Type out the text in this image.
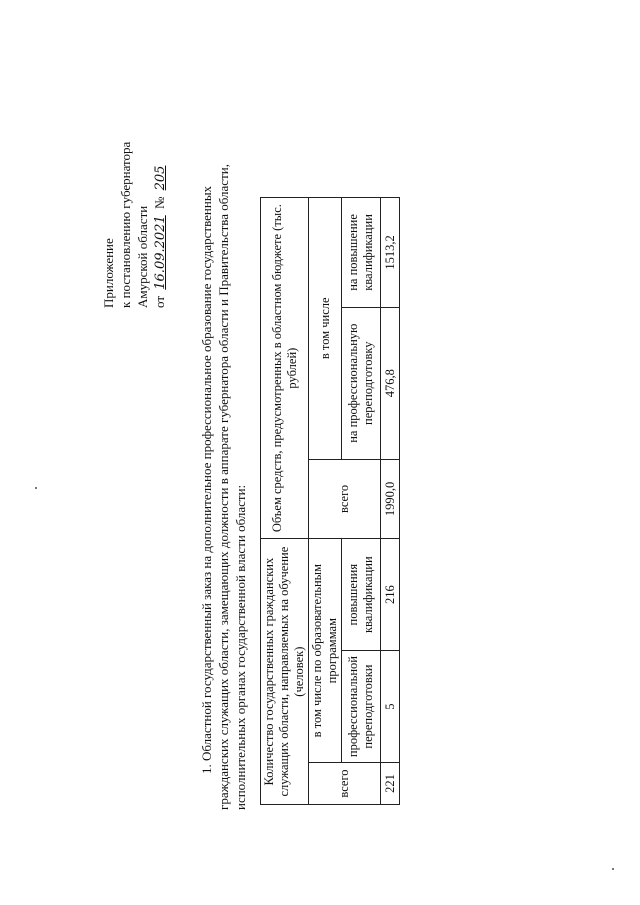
Приложение к постановлению губернатора Амурской области от 16.09.2021 № 205
1. Областной государственный заказ на дополнительное профессиональное образование государственных гражданских служащих области, замещающих должности в аппарате губернатора области и Правительства области, исполнительных органах государственной власти области: Количество государственных гражданских служащих области, направляемых на обучение (человек)			Объем средств, предусмотренных в областном бюджете (тыс. рублей)		
всего	в том числе по образовательным программам		всего	в том числе	
	профессиональной переподготовки	повышения квалификации		на профессиональную переподготовку	на повышение квалификации
221	5	216	1990,0	476,8	1513,2
